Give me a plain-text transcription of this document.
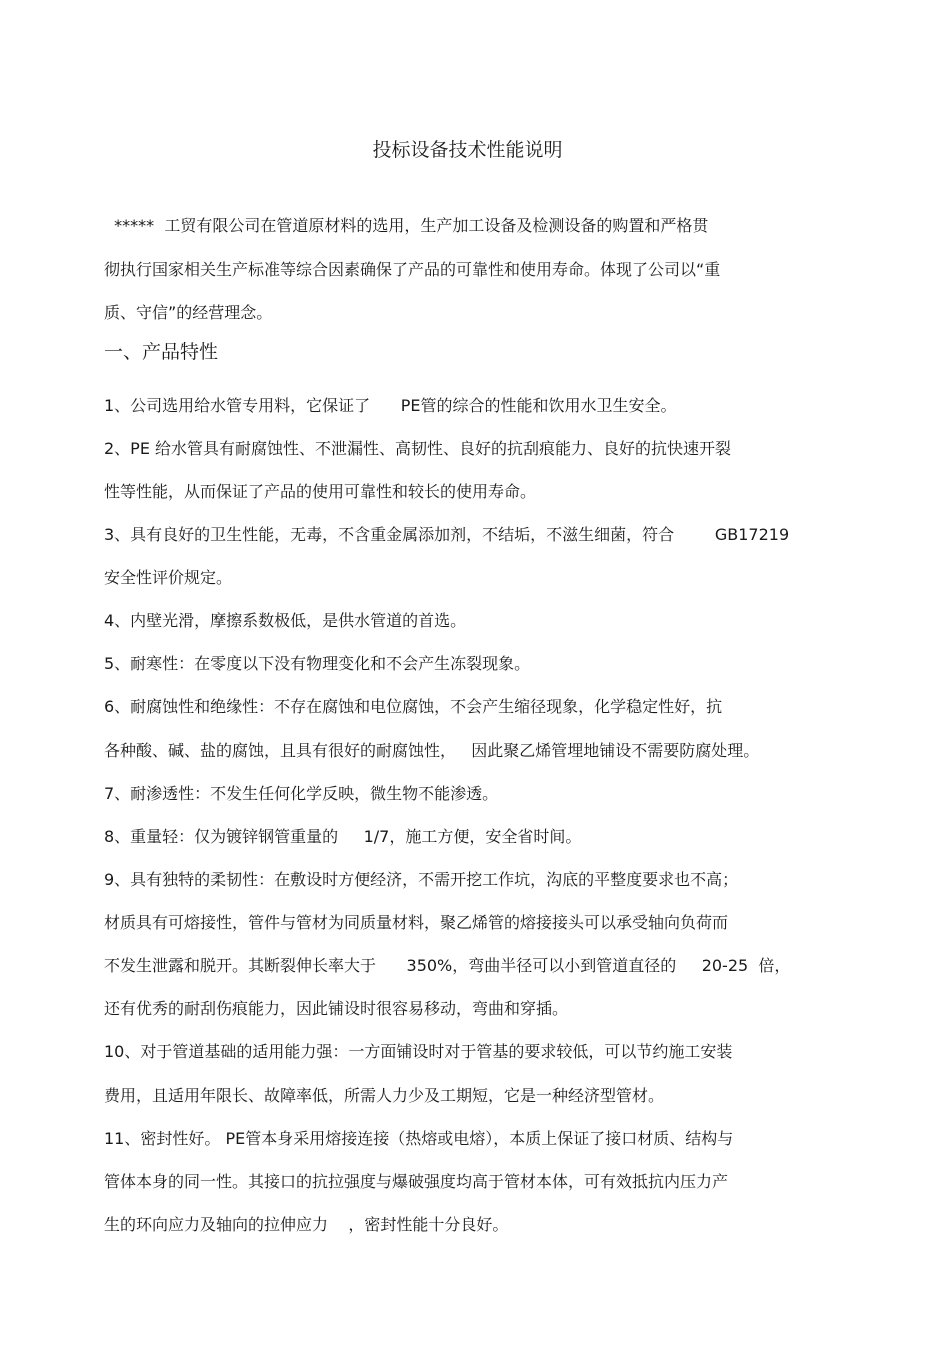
投标设备技术性能说明
*****  工贸有限公司在管道原材料的选用，生产加工设备及检测设备的购置和严格贯
彻执行国家相关生产标准等综合因素确保了产品的可靠性和使用寿命。体现了公司以“重
质、守信”的经营理念。
一、产品特性
1、公司选用给水管专用料，它保证了      PE管的综合的性能和饮用水卫生安全。
2、PE 给水管具有耐腐蚀性、不泄漏性、高韧性、良好的抗刮痕能力、良好的抗快速开裂
性等性能，从而保证了产品的使用可靠性和较长的使用寿命。
3、具有良好的卫生性能，无毒，不含重金属添加剂，不结垢，不滋生细菌，符合        GB17219
安全性评价规定。
4、内壁光滑，摩擦系数极低，是供水管道的首选。
5、耐寒性：在零度以下没有物理变化和不会产生冻裂现象。
6、耐腐蚀性和绝缘性：不存在腐蚀和电位腐蚀，不会产生缩径现象，化学稳定性好，抗
各种酸、碱、盐的腐蚀，且具有很好的耐腐蚀性，   因此聚乙烯管埋地铺设不需要防腐处理。
7、耐渗透性：不发生任何化学反映，微生物不能渗透。
8、重量轻：仅为镀锌钢管重量的     1/7，施工方便，安全省时间。
9、具有独特的柔韧性：在敷设时方便经济，不需开挖工作坑，沟底的平整度要求也不高；
材质具有可熔接性，管件与管材为同质量材料，聚乙烯管的熔接接头可以承受轴向负荷而
不发生泄露和脱开。其断裂伸长率大于      350%，弯曲半径可以小到管道直径的     20-25  倍，
还有优秀的耐刮伤痕能力，因此铺设时很容易移动，弯曲和穿插。
10、对于管道基础的适用能力强：一方面铺设时对于管基的要求较低，可以节约施工安装
费用，且适用年限长、故障率低，所需人力少及工期短，它是一种经济型管材。
11、密封性好。 PE管本身采用熔接连接（热熔或电熔），本质上保证了接口材质、结构与
管体本身的同一性。其接口的抗拉强度与爆破强度均高于管材本体，可有效抵抗内压力产
生的环向应力及轴向的拉伸应力    ，密封性能十分良好。
